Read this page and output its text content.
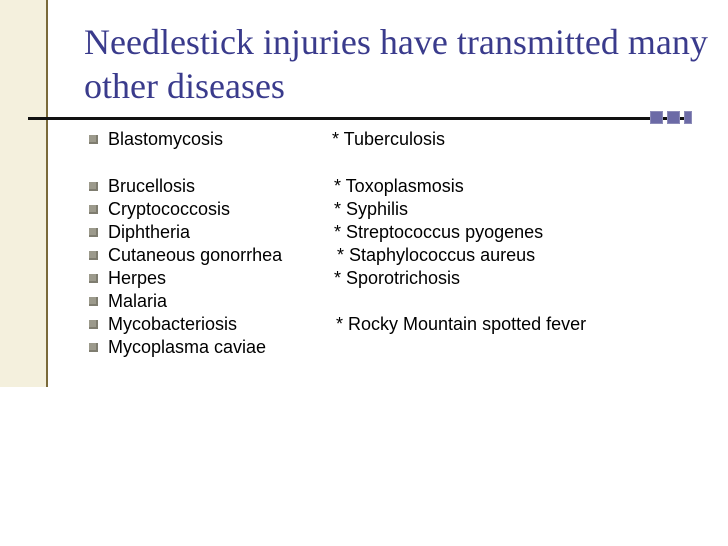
Needlestick injuries have transmitted many other diseases
Blastomycosis	* Tuberculosis
Brucellosis	* Toxoplasmosis
Cryptococcosis	* Syphilis
Diphtheria	* Streptococcus pyogenes
Cutaneous gonorrhea	* Staphylococcus aureus
Herpes	* Sporotrichosis
Malaria
Mycobacteriosis	* Rocky Mountain spotted fever
Mycoplasma caviae
